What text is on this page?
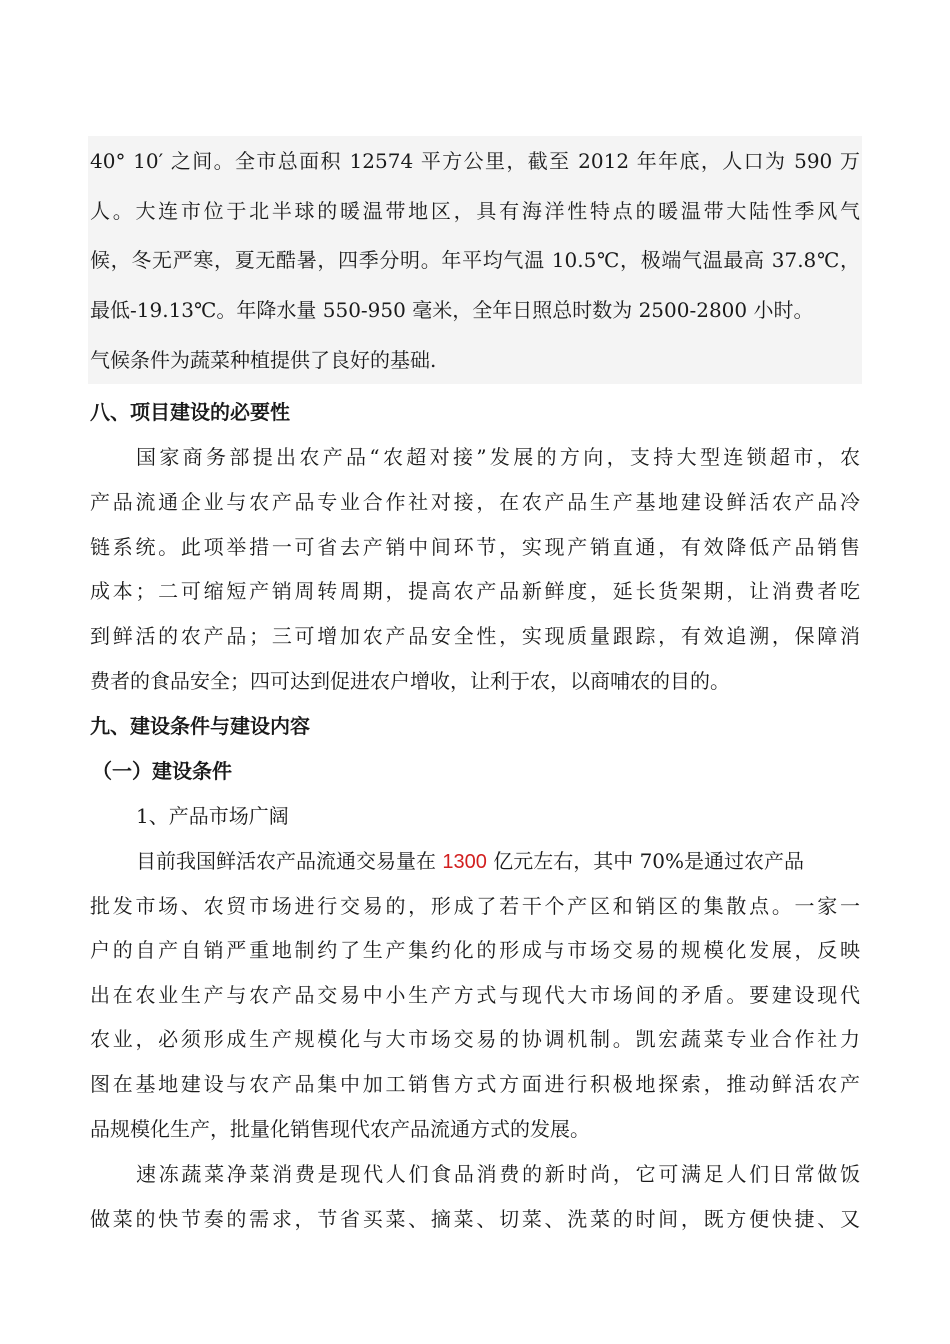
40° 10′ 之间。全市总面积 12574 平方公里，截至 2012 年年底，人口为 590 万
人。大连市位于北半球的暖温带地区，具有海洋性特点的暖温带大陆性季风气
候，冬无严寒，夏无酷暑，四季分明。年平均气温 10.5℃，极端气温最高 37.8℃，
最低-19.13℃。年降水量 550-950 毫米，全年日照总时数为 2500-2800 小时。
气候条件为蔬菜种植提供了良好的基础.
八、项目建设的必要性
国家商务部提出农产品“农超对接”发展的方向，支持大型连锁超市，农
产品流通企业与农产品专业合作社对接，在农产品生产基地建设鲜活农产品冷
链系统。此项举措一可省去产销中间环节，实现产销直通，有效降低产品销售
成本；二可缩短产销周转周期，提高农产品新鲜度，延长货架期，让消费者吃
到鲜活的农产品；三可增加农产品安全性，实现质量跟踪，有效追溯，保障消
费者的食品安全；四可达到促进农户增收，让利于农，以商哺农的目的。
九、建设条件与建设内容
（一）建设条件
1、产品市场广阔
目前我国鲜活农产品流通交易量在 1300 亿元左右，其中 70%是通过农产品
批发市场、农贸市场进行交易的，形成了若干个产区和销区的集散点。一家一
户的自产自销严重地制约了生产集约化的形成与市场交易的规模化发展，反映
出在农业生产与农产品交易中小生产方式与现代大市场间的矛盾。要建设现代
农业，必须形成生产规模化与大市场交易的协调机制。凯宏蔬菜专业合作社力
图在基地建设与农产品集中加工销售方式方面进行积极地探索，推动鲜活农产
品规模化生产，批量化销售现代农产品流通方式的发展。
速冻蔬菜净菜消费是现代人们食品消费的新时尚，它可满足人们日常做饭
做菜的快节奏的需求，节省买菜、摘菜、切菜、洗菜的时间，既方便快捷、又
